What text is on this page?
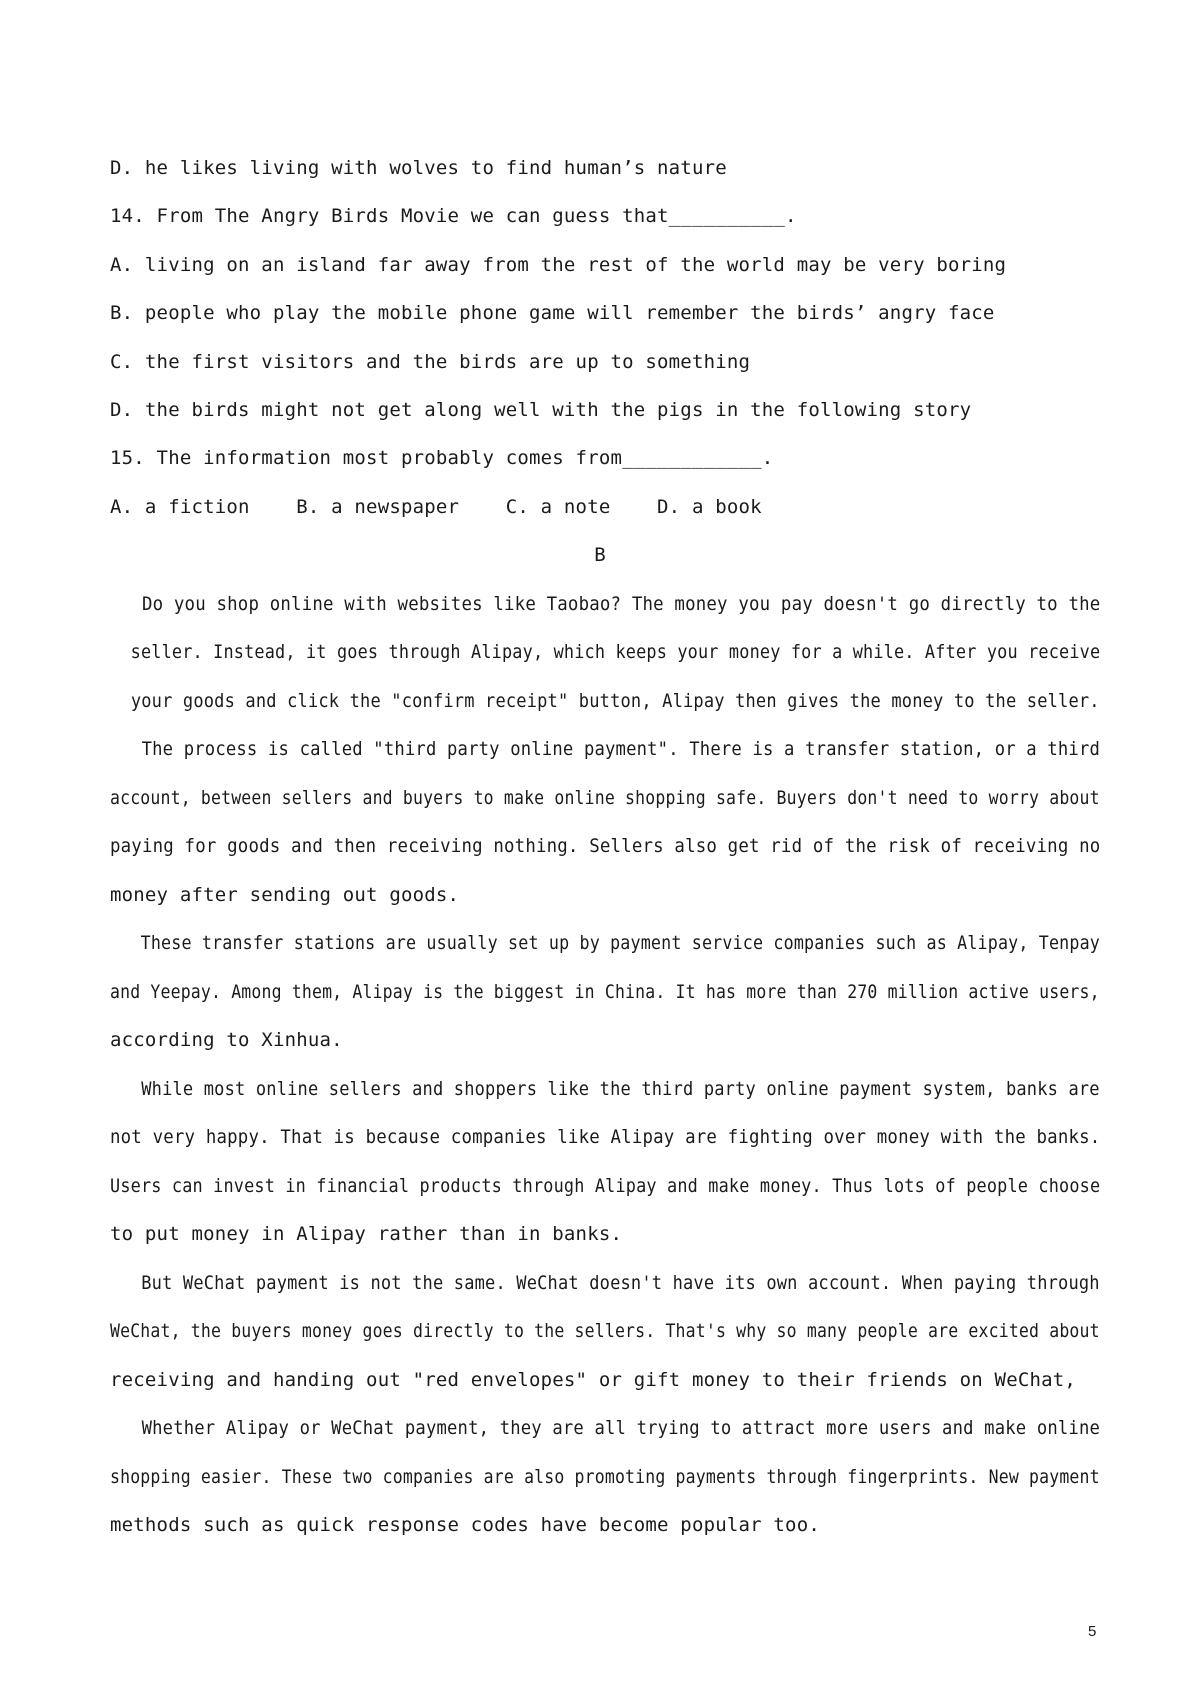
D. he likes living with wolves to find human’s nature
14. From The Angry Birds Movie we can guess that__________.
A. living on an island far away from the rest of the world may be very boring
B. people who play the mobile phone game will remember the birds’ angry face
C. the first visitors and the birds are up to something
D. the birds might not get along well with the pigs in the following story
15. The information most probably comes from____________.
A. a fiction    B. a newspaper    C. a note    D. a book
B
Do you shop online with websites like Taobao? The money you pay doesn't go directly to the
seller. Instead, it goes through Alipay, which keeps your money for a while. After you receive
your goods and click the "confirm receipt" button, Alipay then gives the money to the seller.
The process is called "third party online payment". There is a transfer station, or a third
account, between sellers and buyers to make online shopping safe. Buyers don't need to worry about
paying for goods and then receiving nothing. Sellers also get rid of the risk of receiving no
money after sending out goods.
These transfer stations are usually set up by payment service companies such as Alipay, Tenpay
and Yeepay. Among them, Alipay is the biggest in China. It has more than 270 million active users,
according to Xinhua.
While most online sellers and shoppers like the third party online payment system, banks are
not very happy. That is because companies like Alipay are fighting over money with the banks.
Users can invest in financial products through Alipay and make money. Thus lots of people choose
to put money in Alipay rather than in banks.
But WeChat payment is not the same. WeChat doesn't have its own account. When paying through
WeChat, the buyers money goes directly to the sellers. That's why so many people are excited about
receiving and handing out "red envelopes" or gift money to their friends on WeChat,
Whether Alipay or WeChat payment, they are all trying to attract more users and make online
shopping easier. These two companies are also promoting payments through fingerprints. New payment
methods such as quick response codes have become popular too.
5
